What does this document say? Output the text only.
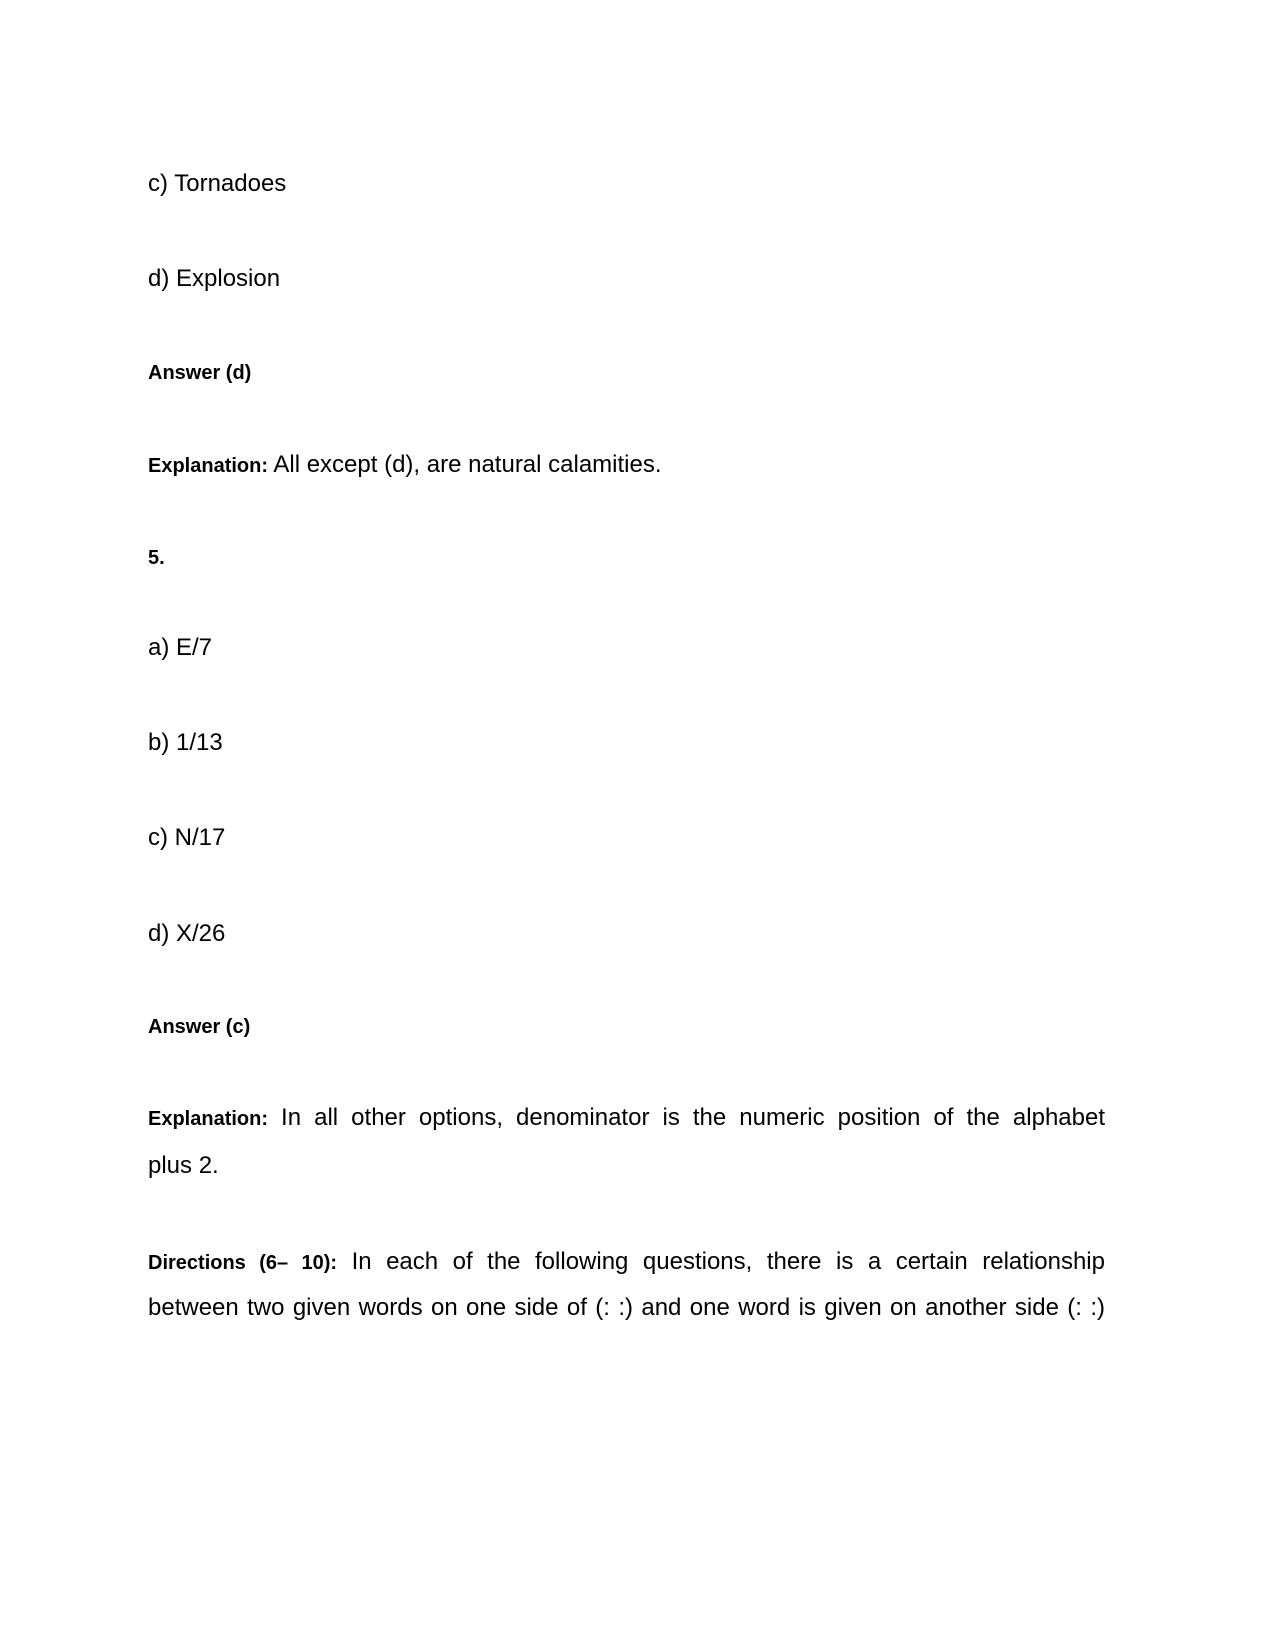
c) Tornadoes
d) Explosion
Answer (d)
Explanation: All except (d), are natural calamities.
5.
a) E/7
b) 1/13
c) N/17
d) X/26
Answer (c)
Explanation: In all other options, denominator is the numeric position of the alphabet
plus 2.
Directions (6– 10): In each of the following questions, there is a certain relationship
between two given words on one side of (: :) and one word is given on another side (: :)
